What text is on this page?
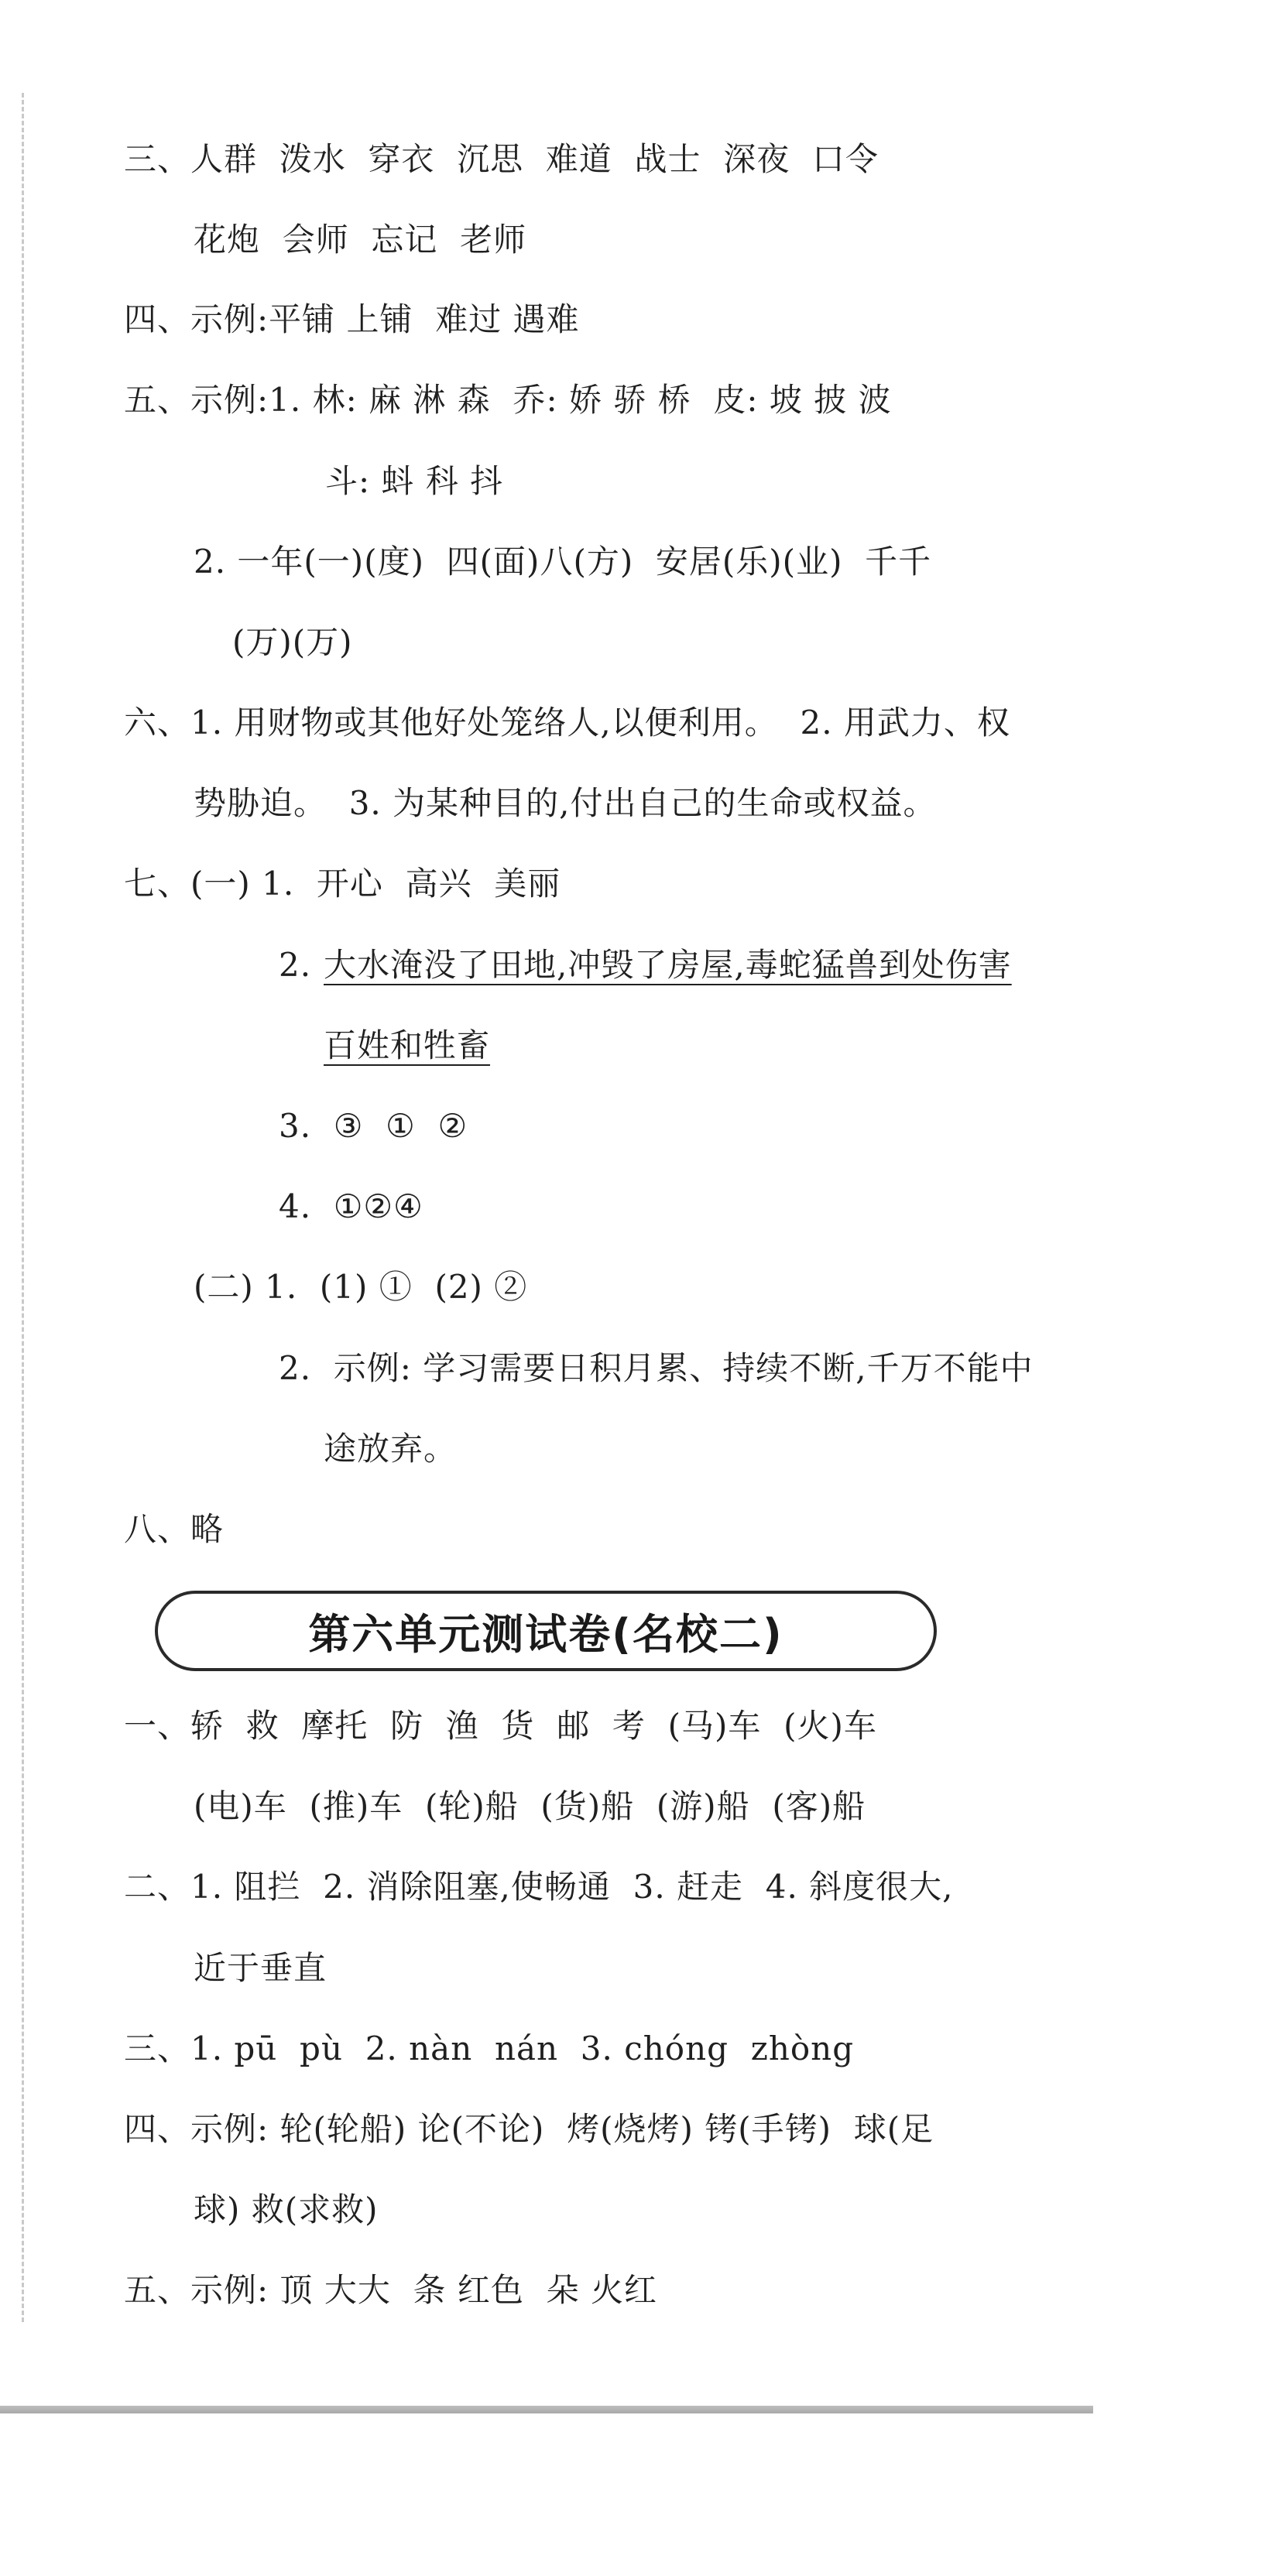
三、人群  泼水  穿衣  沉思  难道  战士  深夜  口令
花炮  会师  忘记  老师
四、示例:平铺 上铺  难过 遇难
五、示例:1. 林: 麻 淋 森  乔: 娇 骄 桥  皮: 坡 披 波
斗: 蚪 科 抖
2. 一年(一)(度)  四(面)八(方)  安居(乐)(业)  千千
(万)(万)
六、1. 用财物或其他好处笼络人,以便利用。  2. 用武力、权
势胁迫。  3. 为某种目的,付出自己的生命或权益。
七、(一) 1.  开心  高兴  美丽
2. 大水淹没了田地,冲毁了房屋,毒蛇猛兽到处伤害
百姓和牲畜
3.  ③  ①  ②
4.  ①②④
(二) 1.  (1) ①  (2) ②
2.  示例: 学习需要日积月累、持续不断,千万不能中
途放弃。
八、略
第六单元测试卷(名校二)
一、轿  救  摩托  防  渔  货  邮  考  (马)车  (火)车
(电)车  (推)车  (轮)船  (货)船  (游)船  (客)船
二、1. 阻拦  2. 消除阻塞,使畅通  3. 赶走  4. 斜度很大,
近于垂直
三、1. pū  pù  2. nàn  nán  3. chóng  zhòng
四、示例: 轮(轮船) 论(不论)  烤(烧烤) 铐(手铐)  球(足
球) 救(求救)
五、示例: 顶 大大  条 红色  朵 火红
